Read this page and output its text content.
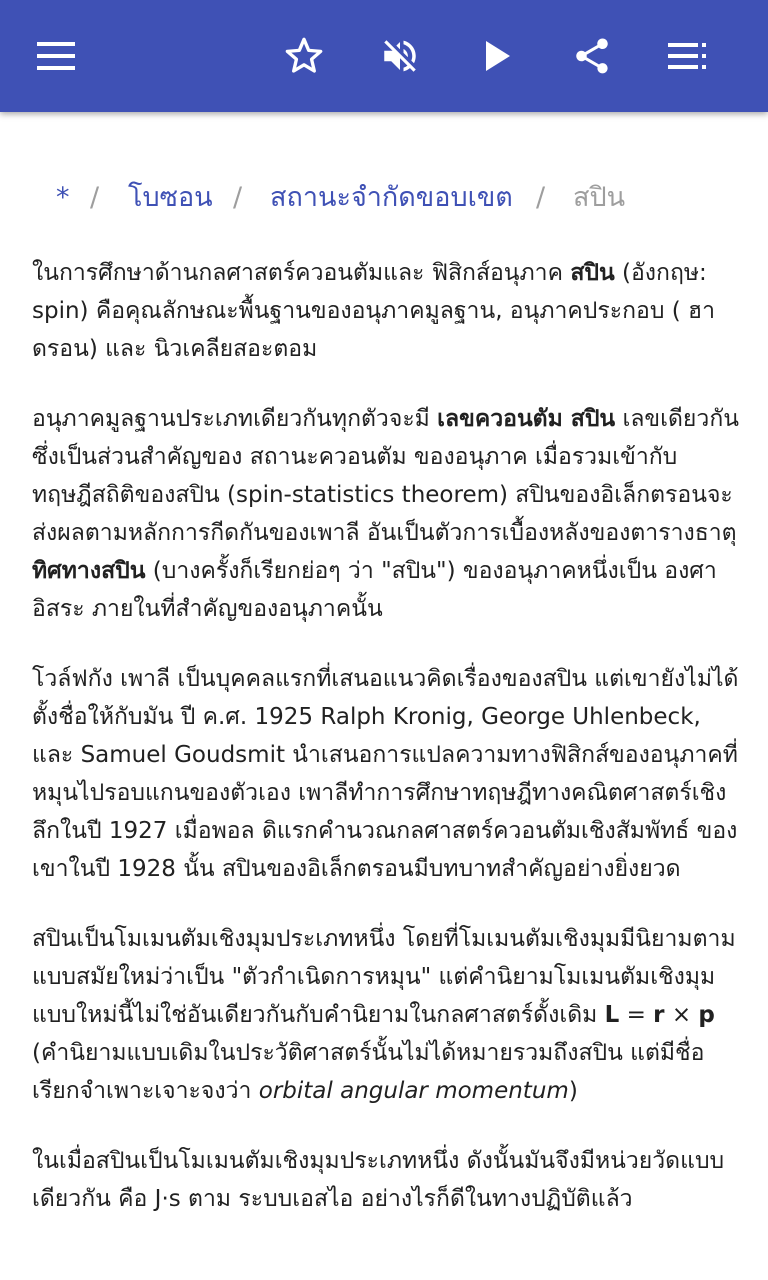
* / โบซอน / สถานะจำกัดขอบเขต / สปิน

ในการศึกษาด้านกลศาสตร์ควอนตัมและ ฟิสิกส์อนุภาค สปิน (อังกฤษ: spin) คือคุณลักษณะพื้นฐานของอนุภาคมูลฐาน, อนุภาคประกอบ ( ฮาดรอน) และ นิวเคลียสอะตอม

อนุภาคมูลฐานประเภทเดียวกันทุกตัวจะมี เลขควอนตัม สปิน เลขเดียวกัน ซึ่งเป็นส่วนสำคัญของ สถานะควอนตัม ของอนุภาค เมื่อรวมเข้ากับ ทฤษฎีสถิติของสปิน (spin-statistics theorem) สปินของอิเล็กตรอนจะส่งผลตามหลักการกีดกันของเพาลี อันเป็นตัวการเบื้องหลังของตารางธาตุ ทิศทางสปิน (บางครั้งก็เรียกย่อๆ ว่า "สปิน") ของอนุภาคหนึ่งเป็น องศาอิสระ ภายในที่สำคัญของอนุภาคนั้น

โวล์ฟกัง เพาลี เป็นบุคคลแรกที่เสนอแนวคิดเรื่องของสปิน แต่เขายังไม่ได้ตั้งชื่อให้กับมัน ปี ค.ศ. 1925 Ralph Kronig, George Uhlenbeck, และ Samuel Goudsmit นำเสนอการแปลความทางฟิสิกส์ของอนุภาคที่หมุนไปรอบแกนของตัวเอง เพาลีทำการศึกษาทฤษฎีทางคณิตศาสตร์เชิงลึกในปี 1927 เมื่อพอล ดิแรกคำนวณกลศาสตร์ควอนตัมเชิงสัมพัทธ์ ของเขาในปี 1928 นั้น สปินของอิเล็กตรอนมีบทบาทสำคัญอย่างยิ่งยวด

สปินเป็นโมเมนตัมเชิงมุมประเภทหนึ่ง โดยที่โมเมนตัมเชิงมุมมีนิยามตามแบบสมัยใหม่ว่าเป็น "ตัวกำเนิดการหมุน" แต่คำนิยามโมเมนตัมเชิงมุมแบบใหม่นี้ไม่ใช่อันเดียวกันกับคำนิยามในกลศาสตร์ดั้งเดิม L = r × p (คำนิยามแบบเดิมในประวัติศาสตร์นั้นไม่ได้หมายรวมถึงสปิน แต่มีชื่อเรียกจำเพาะเจาะจงว่า orbital angular momentum)

ในเมื่อสปินเป็นโมเมนตัมเชิงมุมประเภทหนึ่ง ดังนั้นมันจึงมีหน่วยวัดแบบเดียวกัน คือ J·s ตาม ระบบเอสไอ อย่างไรก็ดีในทางปฏิบัติแล้ว
